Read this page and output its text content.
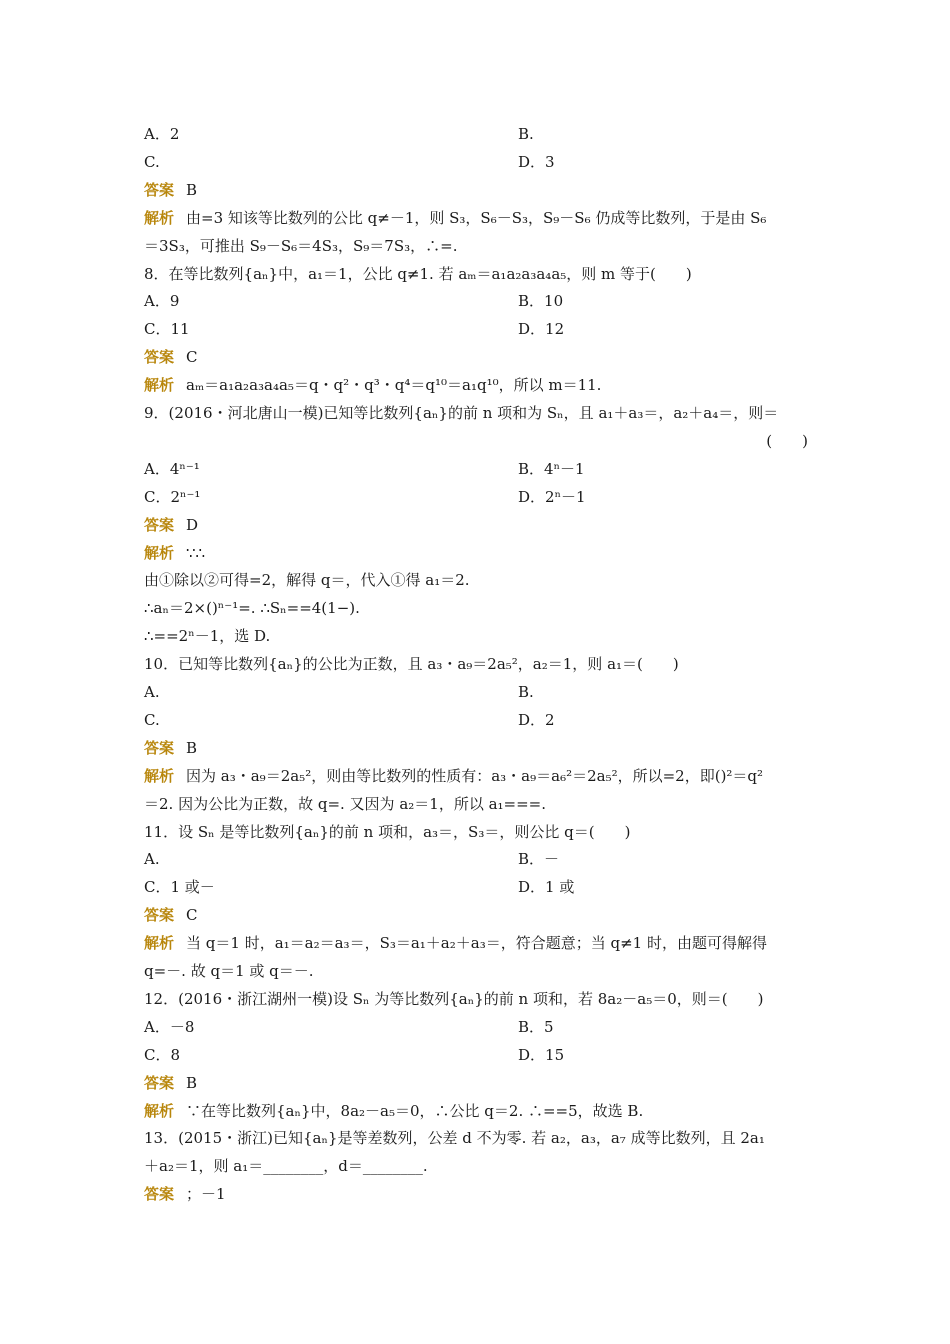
A．2	B.
C.	D．3
答案 B
解析 由=3 知该等比数列的公比 q≠－1，则 S₃，S₆－S₃，S₉－S₆ 仍成等比数列，于是由 S₆
＝3S₃，可推出 S₉－S₆＝4S₃，S₉＝7S₃，∴=.
8．在等比数列{aₙ}中，a₁＝1，公比 q≠1. 若 aₘ＝a₁a₂a₃a₄a₅，则 m 等于(　　)
A．9	B．10
C．11	D．12
答案 C
解析 aₘ＝a₁a₂a₃a₄a₅＝q・q²・q³・q⁴＝q¹⁰＝a₁q¹⁰，所以 m＝11.
9．(2016・河北唐山一模)已知等比数列{aₙ}的前 n 项和为 Sₙ，且 a₁＋a₃＝，a₂＋a₄＝，则＝
(　　)
A．4ⁿ⁻¹	B．4ⁿ－1
C．2ⁿ⁻¹	D．2ⁿ－1
答案 D
解析 ∵∴
由①除以②可得=2，解得 q＝，代入①得 a₁＝2.
∴aₙ＝2×()ⁿ⁻¹=. ∴Sₙ==4(1−).
∴==2ⁿ－1，选 D.
10．已知等比数列{aₙ}的公比为正数，且 a₃・a₉＝2a₅²，a₂＝1，则 a₁＝(　　)
A.	B.
C.	D．2
答案 B
解析 因为 a₃・a₉＝2a₅²，则由等比数列的性质有：a₃・a₉＝a₆²＝2a₅²，所以=2，即()²＝q²
＝2. 因为公比为正数，故 q=. 又因为 a₂＝1，所以 a₁===.
11．设 Sₙ 是等比数列{aₙ}的前 n 项和，a₃＝，S₃＝，则公比 q＝(　　)
A.	B．－
C．1 或－	D．1 或
答案 C
解析 当 q＝1 时，a₁＝a₂＝a₃＝，S₃＝a₁＋a₂＋a₃＝，符合题意；当 q≠1 时，由题可得解得
q=－. 故 q＝1 或 q＝－.
12．(2016・浙江湖州一模)设 Sₙ 为等比数列{aₙ}的前 n 项和，若 8a₂－a₅＝0，则＝(　　)
A．－8	B．5
C．8	D．15
答案 B
解析 ∵在等比数列{aₙ}中，8a₂－a₅＝0，∴公比 q＝2. ∴==5，故选 B.
13．(2015・浙江)已知{aₙ}是等差数列，公差 d 不为零. 若 a₂，a₃，a₇ 成等比数列，且 2a₁
＋a₂＝1，则 a₁＝________，d＝________.
答案 ；－1
